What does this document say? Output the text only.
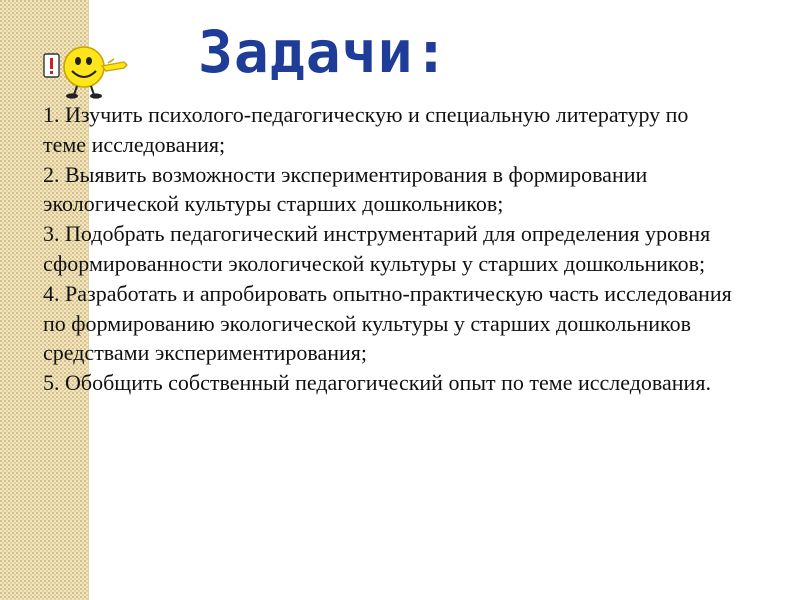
Задачи:
1. Изучить психолого-педагогическую и специальную литературу по теме исследования;
2. Выявить возможности экспериментирования в формировании экологической культуры старших дошкольников;
3. Подобрать педагогический инструментарий для определения уровня сформированности экологической культуры у старших дошкольников;
4. Разработать и апробировать опытно-практическую часть исследования по формированию экологической культуры у старших дошкольников средствами экспериментирования;
5. Обобщить собственный педагогический опыт по теме исследования.
